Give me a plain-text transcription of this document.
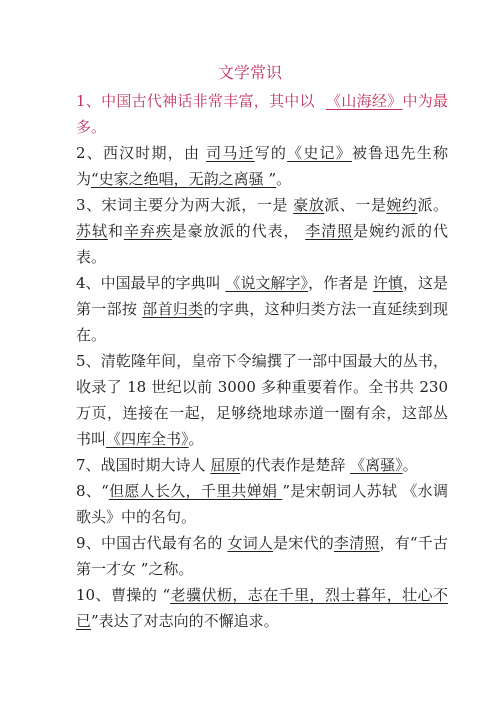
文学常识
1、中国古代神话非常丰富，其中以 《山海经》中为最多。
2、西汉时期，由 司马迁写的《史记》被鲁迅先生称为“史家之绝唱，无韵之离骚 ”。
3、宋词主要分为两大派，一是 豪放派、一是婉约派。苏轼和辛弃疾是豪放派的代表， 李清照是婉约派的代表。
4、中国最早的字典叫 《说文解字》，作者是 许慎，这是第一部按 部首归类的字典，这种归类方法一直延续到现在。
5、清乾隆年间，皇帝下令编撰了一部中国最大的丛书，收录了 18 世纪以前 3000 多种重要着作。全书共 230 万页，连接在一起，足够绕地球赤道一圈有余，这部丛书叫《四库全书》。
7、战国时期大诗人 屈原的代表作是楚辞 《离骚》。
8、“但愿人长久，千里共婵娟 ”是宋朝词人苏轼 《水调歌头》中的名句。
9、中国古代最有名的 女词人是宋代的李清照，有“千古第一才女 ”之称。
10、曹操的 “老骥伏枥，志在千里，烈士暮年，壮心不已”表达了对志向的不懈追求。
